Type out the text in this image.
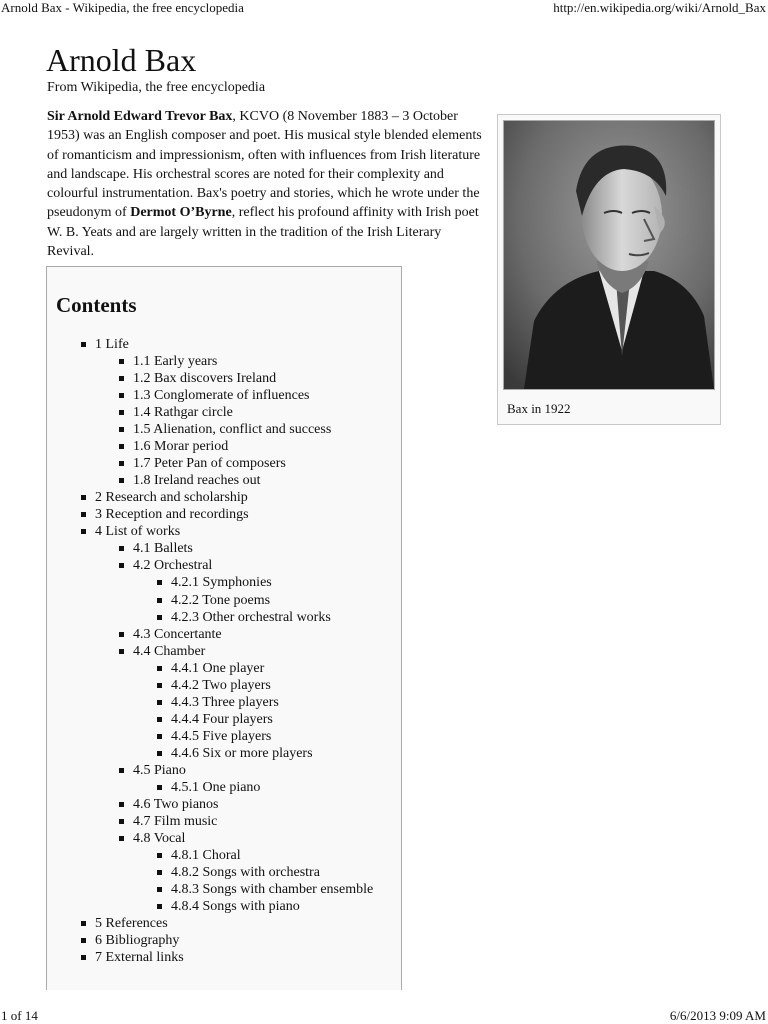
Arnold Bax - Wikipedia, the free encyclopedia	http://en.wikipedia.org/wiki/Arnold_Bax
Arnold Bax
From Wikipedia, the free encyclopedia

Sir Arnold Edward Trevor Bax, KCVO (8 November 1883 – 3 October 1953) was an English composer and poet. His musical style blended elements of romanticism and impressionism, often with influences from Irish literature and landscape. His orchestral scores are noted for their complexity and colourful instrumentation. Bax's poetry and stories, which he wrote under the pseudonym of Dermot O’Byrne, reflect his profound affinity with Irish poet W. B. Yeats and are largely written in the tradition of the Irish Literary Revival.

Bax in 1922
Contents
1 Life
1.1 Early years
1.2 Bax discovers Ireland
1.3 Conglomerate of influences
1.4 Rathgar circle
1.5 Alienation, conflict and success
1.6 Morar period
1.7 Peter Pan of composers
1.8 Ireland reaches out
2 Research and scholarship
3 Reception and recordings
4 List of works
4.1 Ballets
4.2 Orchestral
4.2.1 Symphonies
4.2.2 Tone poems
4.2.3 Other orchestral works
4.3 Concertante
4.4 Chamber
4.4.1 One player
4.4.2 Two players
4.4.3 Three players
4.4.4 Four players
4.4.5 Five players
4.4.6 Six or more players
4.5 Piano
4.5.1 One piano
4.6 Two pianos
4.7 Film music
4.8 Vocal
4.8.1 Choral
4.8.2 Songs with orchestra
4.8.3 Songs with chamber ensemble
4.8.4 Songs with piano
5 References
6 Bibliography
7 External links
1 of 14	6/6/2013 9:09 AM
